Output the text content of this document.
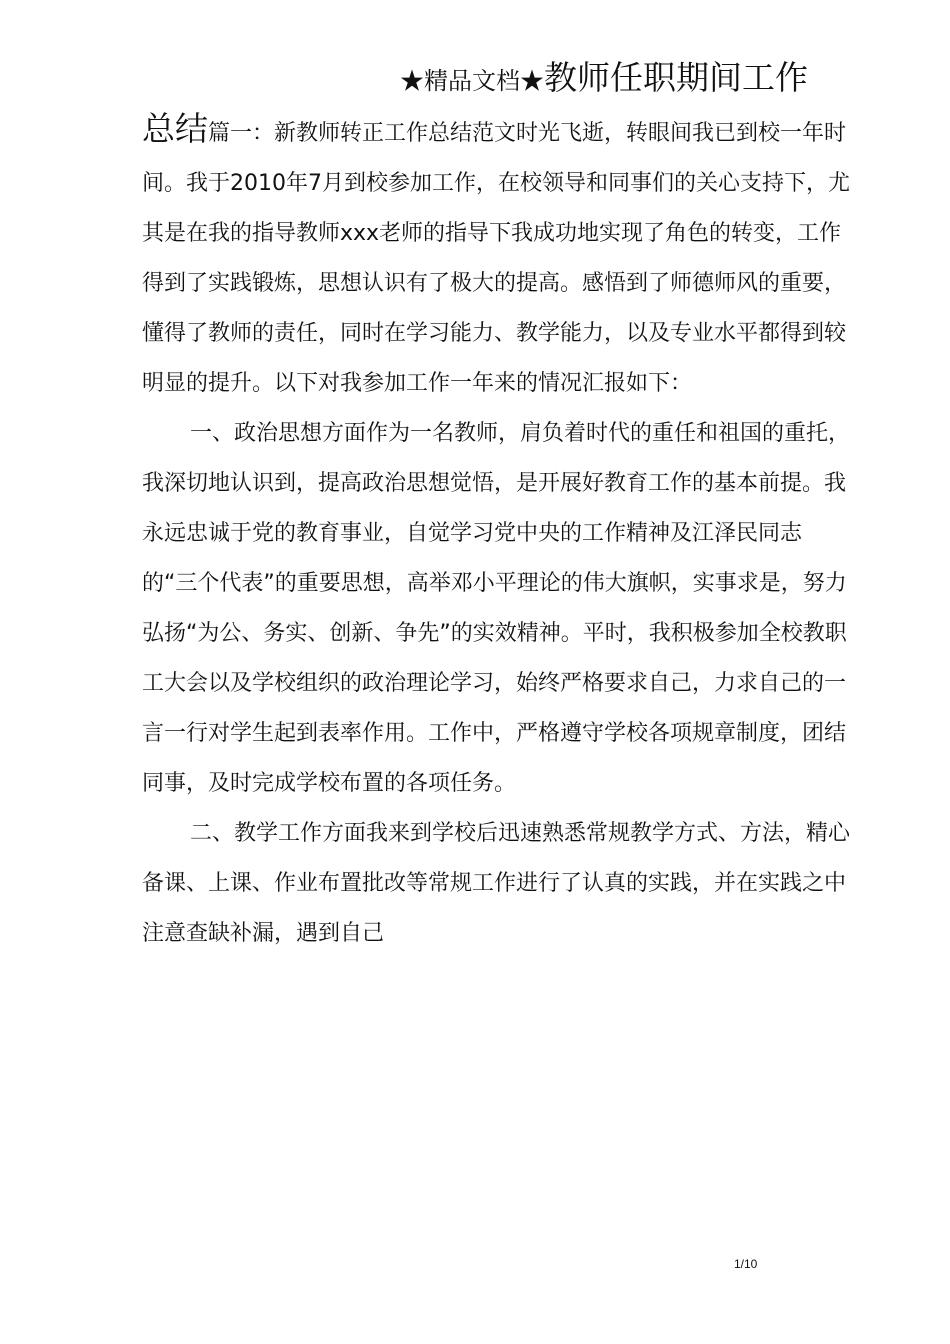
★精品文档★教师任职期间工作

总结篇一：新教师转正工作总结范文时光飞逝，转眼间我已到校一年时间。我于2010年7月到校参加工作，在校领导和同事们的关心支持下，尤其是在我的指导教师xxx老师的指导下我成功地实现了角色的转变，工作得到了实践锻炼，思想认识有了极大的提高。感悟到了师德师风的重要，懂得了教师的责任，同时在学习能力、教学能力，以及专业水平都得到较明显的提升。以下对我参加工作一年来的情况汇报如下：

一、政治思想方面作为一名教师，肩负着时代的重任和祖国的重托，我深切地认识到，提高政治思想觉悟，是开展好教育工作的基本前提。我永远忠诚于党的教育事业，自觉学习党中央的工作精神及江泽民同志的“三个代表”的重要思想，高举邓小平理论的伟大旗帜，实事求是，努力弘扬“为公、务实、创新、争先”的实效精神。平时，我积极参加全校教职工大会以及学校组织的政治理论学习，始终严格要求自己，力求自己的一言一行对学生起到表率作用。工作中，严格遵守学校各项规章制度，团结同事，及时完成学校布置的各项任务。

二、教学工作方面我来到学校后迅速熟悉常规教学方式、方法，精心备课、上课、作业布置批改等常规工作进行了认真的实践，并在实践之中注意查缺补漏，遇到自己

1/10
